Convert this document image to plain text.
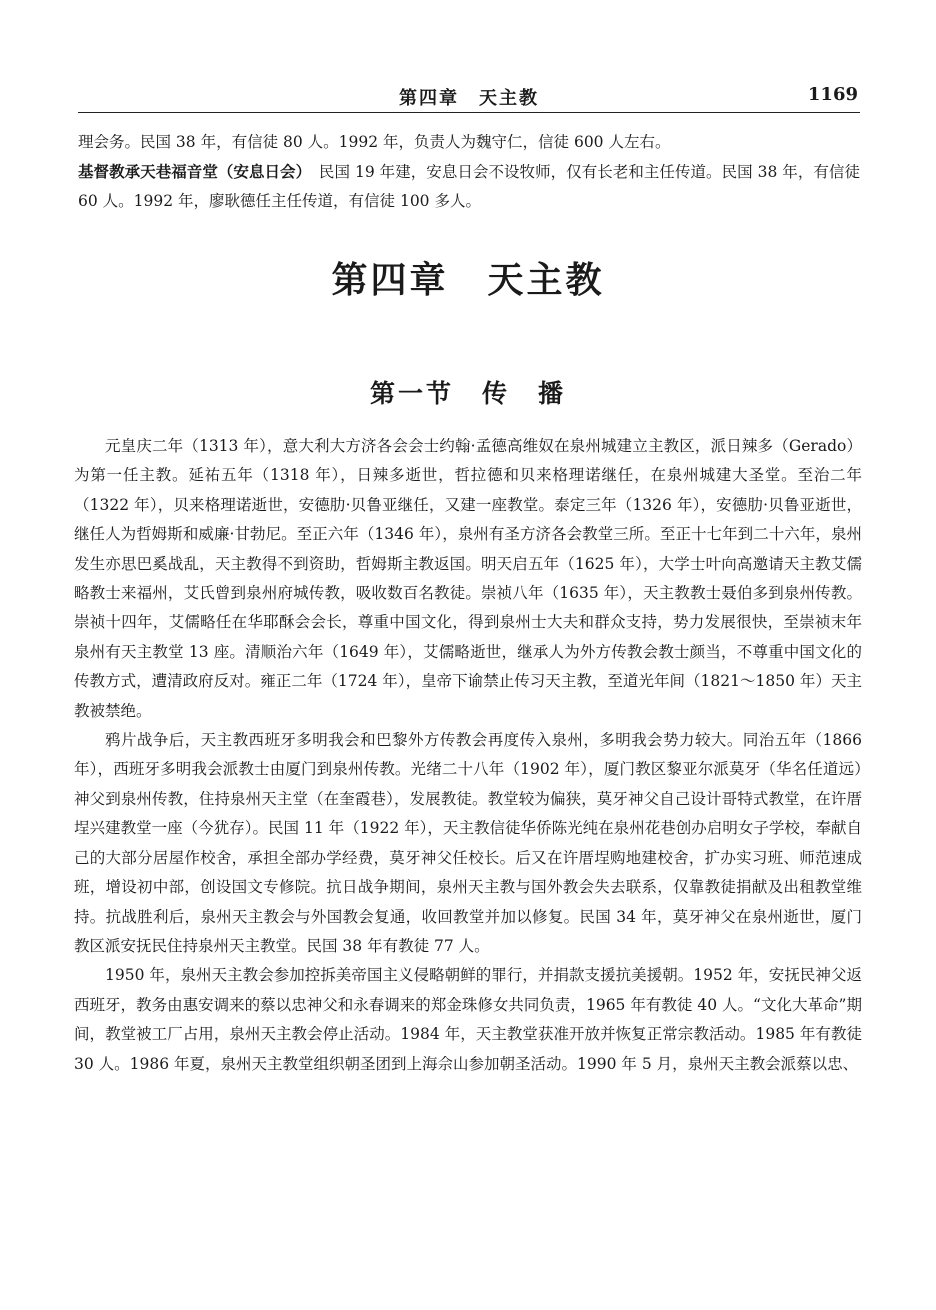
第四章　天主教	1169

理会务。民国 38 年，有信徒 80 人。1992 年，负责人为魏守仁，信徒 600 人左右。

基督教承天巷福音堂（安息日会）　民国 19 年建，安息日会不设牧师，仅有长老和主任传道。民国 38 年，有信徒 60 人。1992 年，廖耿德任主任传道，有信徒 100 多人。

第四章　天主教
第一节　传　播

元皇庆二年（1313 年），意大利大方济各会会士约翰·孟德高维奴在泉州城建立主教区，派日辣多（Gerado）为第一任主教。延祐五年（1318 年），日辣多逝世，哲拉德和贝来格理诺继任，在泉州城建大圣堂。至治二年（1322 年），贝来格理诺逝世，安德肋·贝鲁亚继任，又建一座教堂。泰定三年（1326 年），安德肋·贝鲁亚逝世，继任人为哲姆斯和威廉·甘勃尼。至正六年（1346 年），泉州有圣方济各会教堂三所。至正十七年到二十六年，泉州发生亦思巴奚战乱，天主教得不到资助，哲姆斯主教返国。明天启五年（1625 年），大学士叶向高邀请天主教艾儒略教士来福州，艾氏曾到泉州府城传教，吸收数百名教徒。崇祯八年（1635 年），天主教教士聂伯多到泉州传教。崇祯十四年，艾儒略任在华耶酥会会长，尊重中国文化，得到泉州士大夫和群众支持，势力发展很快，至崇祯末年泉州有天主教堂 13 座。清顺治六年（1649 年），艾儒略逝世，继承人为外方传教会教士颜当，不尊重中国文化的传教方式，遭清政府反对。雍正二年（1724 年），皇帝下谕禁止传习天主教，至道光年间（1821～1850 年）天主教被禁绝。

鸦片战争后，天主教西班牙多明我会和巴黎外方传教会再度传入泉州，多明我会势力较大。同治五年（1866 年），西班牙多明我会派教士由厦门到泉州传教。光绪二十八年（1902 年），厦门教区黎亚尔派莫牙（华名任道远）神父到泉州传教，住持泉州天主堂（在奎霞巷），发展教徒。教堂较为偏狭，莫牙神父自己设计哥特式教堂，在许厝埕兴建教堂一座（今犹存）。民国 11 年（1922 年），天主教信徒华侨陈光纯在泉州花巷创办启明女子学校，奉献自己的大部分居屋作校舍，承担全部办学经费，莫牙神父任校长。后又在许厝埕购地建校舍，扩办实习班、师范速成班，增设初中部，创设国文专修院。抗日战争期间，泉州天主教与国外教会失去联系，仅靠教徒捐献及出租教堂维持。抗战胜利后，泉州天主教会与外国教会复通，收回教堂并加以修复。民国 34 年，莫牙神父在泉州逝世，厦门教区派安抚民住持泉州天主教堂。民国 38 年有教徒 77 人。

1950 年，泉州天主教会参加控拆美帝国主义侵略朝鲜的罪行，并捐款支援抗美援朝。1952 年，安抚民神父返西班牙，教务由惠安调来的蔡以忠神父和永春调来的郑金珠修女共同负责，1965 年有教徒 40 人。“文化大革命”期间，教堂被工厂占用，泉州天主教会停止活动。1984 年，天主教堂获准开放并恢复正常宗教活动。1985 年有教徒 30 人。1986 年夏，泉州天主教堂组织朝圣团到上海佘山参加朝圣活动。1990 年 5 月，泉州天主教会派蔡以忠、
